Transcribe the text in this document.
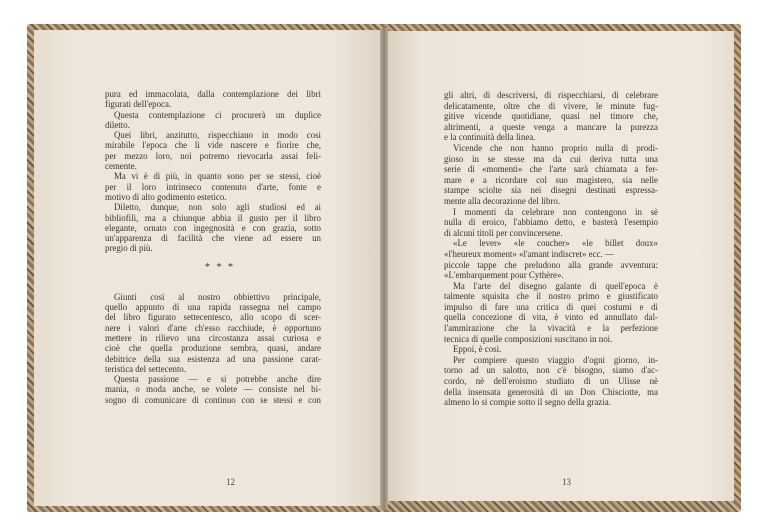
pura ed immacolata, dalla contemplazione dei libri
figurati dell'epoca.
Questa contemplazione ci procurerà un duplice
diletto.
Quei libri, anzitutto, rispecchiano in modo così
mirabile l'epoca che li vide nascere e fiorire che,
per mezzo loro, noi potremo rievocarla assai feli-
cemente.
Ma vi è di più, in quanto sono per se stessi, cioè
per il loro intrinseco contenuto d'arte, fonte e
motivo di alto godimento estetico.
Diletto, dunque, non solo agli studiosi ed ai
bibliofili, ma a chiunque abbia il gusto per il libro
elegante, ornato con ingegnosità e con grazia, sotto
un'apparenza di facilità che viene ad essere un
pregio di più.
Giunti così al nostro obbiettivo principale,
quello appunto di una rapida rassegna nel campo
del libro figurato settecentesco, allo scopo di scer-
nere i valori d'arte ch'esso racchiude, è opportuno
mettere in rilievo una circostanza assai curiosa e
cioè che quella produzione sembra, quasi, andare
debitrice della sua esistenza ad una passione carat-
teristica del settecento.
Questa passione — e si potrebbe anche dire
mania, o moda anche, se volete — consiste nel bi-
sogno di comunicare di continuo con se stessi e con
* * *
12
gli altri, di descriversi, di rispecchiarsi, di celebrare
delicatamente, oltre che di vivere, le minute fug-
gitive vicende quotidiane, quasi nel timore che,
altrimenti, a queste venga a mancare la purezza
e la continuità della linea.
Vicende che non hanno proprio nulla di prodi-
gioso in se stesse ma da cui deriva tutta una
serie di «momenti» che l'arte sarà chiamata a fer-
mare e a ricordare col suo magistero, sia nelle
stampe sciolte sia nei disegni destinati espressa-
mente alla decorazione del libro.
I momenti da celebrare non contengono in sè
nulla di eroico, l'abbiamo detto, e basterà l'esempio
di alcuni titoli per convincersene.
«Le lever» «le coucher» «le billet doux»
«l'heureux moment» «l'amant indiscret» ecc. —
piccole tappe che preludono alla grande avventura:
«L'embarquement pour Cythère».
Ma l'arte del disegno galante di quell'epoca è
talmente squisita che il nostro primo e giustificato
impulso di fare una critica di quei costumi e di
quella concezione di vita, è vinto ed annullato dal-
l'ammirazione che la vivacità e la perfezione
tecnica di quelle composizioni suscitano in noi.
Eppoi, è così.
Per compiere questo viaggio d'ogni giorno, in-
torno ad un salotto, non c'è bisogno, siamo d'ac-
cordo, nè dell'eroismo studiato di un Ulisse nè
della insensata generosità di un Don Chisciotte, ma
almeno lo si compie sotto il segno della grazia.
13
